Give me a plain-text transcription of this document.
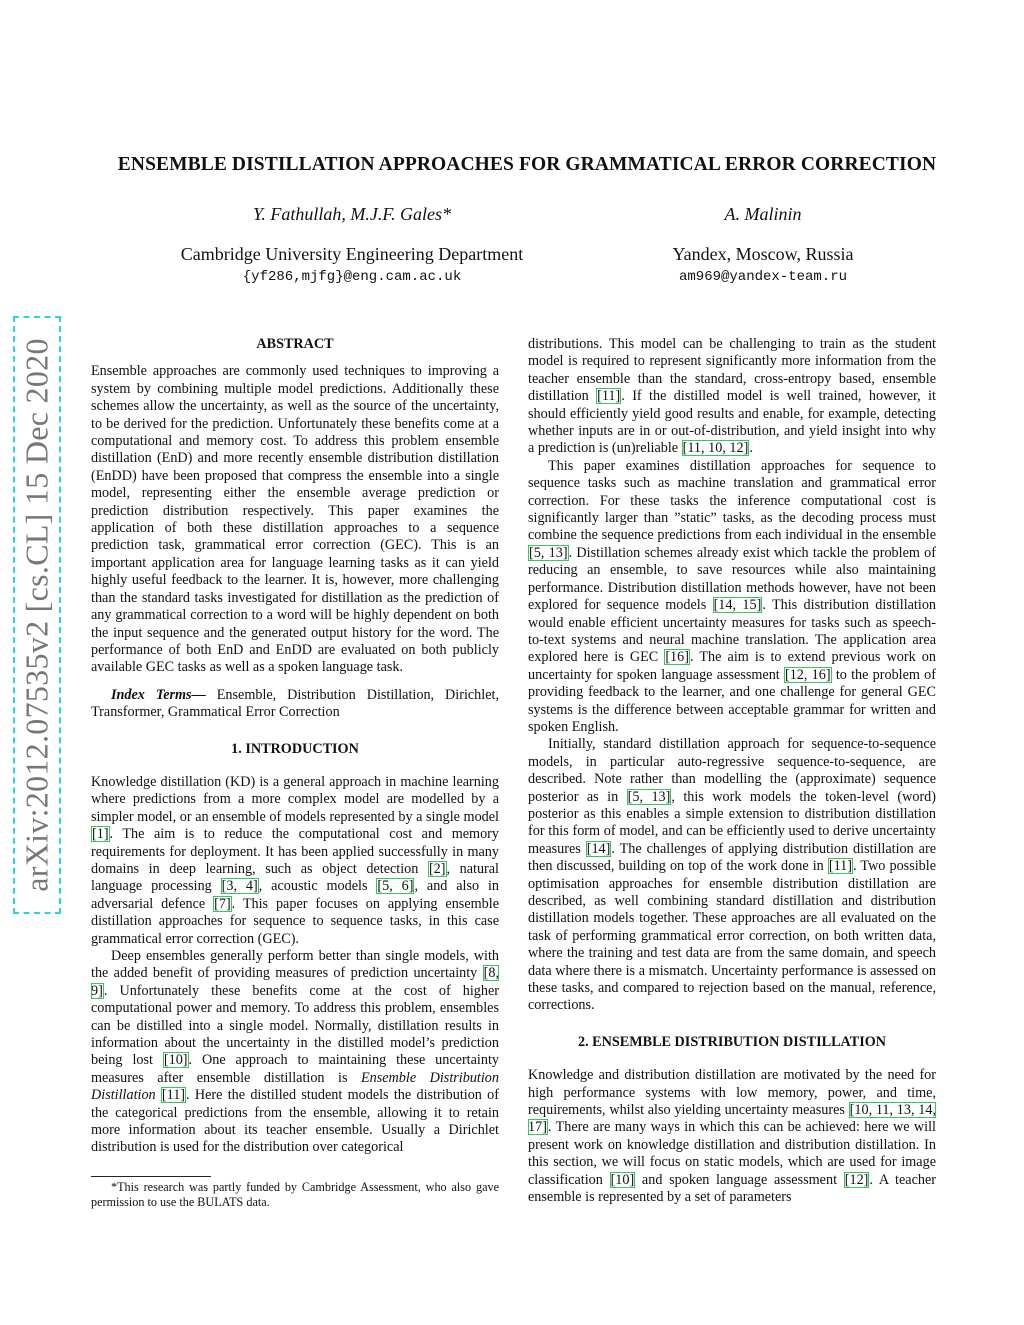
arXiv:2012.07535v2 [cs.CL] 15 Dec 2020
ENSEMBLE DISTILLATION APPROACHES FOR GRAMMATICAL ERROR CORRECTION
Y. Fathullah, M.J.F. Gales*
Cambridge University Engineering Department
{yf286,mjfg}@eng.cam.ac.uk
A. Malinin
Yandex, Moscow, Russia
am969@yandex-team.ru
ABSTRACT

Ensemble approaches are commonly used techniques to improving a system by combining multiple model predictions. Additionally these schemes allow the uncertainty, as well as the source of the uncertainty, to be derived for the prediction. Unfortunately these benefits come at a computational and memory cost. To address this problem ensemble distillation (EnD) and more recently ensemble distribution distillation (EnDD) have been proposed that compress the ensemble into a single model, representing either the ensemble average prediction or prediction distribution respectively. This paper examines the application of both these distillation approaches to a sequence prediction task, grammatical error correction (GEC). This is an important application area for language learning tasks as it can yield highly useful feedback to the learner. It is, however, more challenging than the standard tasks investigated for distillation as the prediction of any grammatical correction to a word will be highly dependent on both the input sequence and the generated output history for the word. The performance of both EnD and EnDD are evaluated on both publicly available GEC tasks as well as a spoken language task.

Index Terms— Ensemble, Distribution Distillation, Dirichlet, Transformer, Grammatical Error Correction

1. INTRODUCTION

Knowledge distillation (KD) is a general approach in machine learning where predictions from a more complex model are modelled by a simpler model, or an ensemble of models represented by a single model [1]. The aim is to reduce the computational cost and memory requirements for deployment. It has been applied successfully in many domains in deep learning, such as object detection [2], natural language processing [3, 4], acoustic models [5, 6], and also in adversarial defence [7]. This paper focuses on applying ensemble distillation approaches for sequence to sequence tasks, in this case grammatical error correction (GEC).

Deep ensembles generally perform better than single models, with the added benefit of providing measures of prediction uncertainty [8, 9]. Unfortunately these benefits come at the cost of higher computational power and memory. To address this problem, ensembles can be distilled into a single model. Normally, distillation results in information about the uncertainty in the distilled model’s prediction being lost [10]. One approach to maintaining these uncertainty measures after ensemble distillation is Ensemble Distribution Distillation [11]. Here the distilled student models the distribution of the categorical predictions from the ensemble, allowing it to retain more information about its teacher ensemble. Usually a Dirichlet distribution is used for the distribution over categorical

*This research was partly funded by Cambridge Assessment, who also gave permission to use the BULATS data.

distributions. This model can be challenging to train as the student model is required to represent significantly more information from the teacher ensemble than the standard, cross-entropy based, ensemble distillation [11]. If the distilled model is well trained, however, it should efficiently yield good results and enable, for example, detecting whether inputs are in or out-of-distribution, and yield insight into why a prediction is (un)reliable [11, 10, 12].

This paper examines distillation approaches for sequence to sequence tasks such as machine translation and grammatical error correction. For these tasks the inference computational cost is significantly larger than ”static” tasks, as the decoding process must combine the sequence predictions from each individual in the ensemble [5, 13]. Distillation schemes already exist which tackle the problem of reducing an ensemble, to save resources while also maintaining performance. Distribution distillation methods however, have not been explored for sequence models [14, 15]. This distribution distillation would enable efficient uncertainty measures for tasks such as speech-to-text systems and neural machine translation. The application area explored here is GEC [16]. The aim is to extend previous work on uncertainty for spoken language assessment [12, 16] to the problem of providing feedback to the learner, and one challenge for general GEC systems is the difference between acceptable grammar for written and spoken English.

Initially, standard distillation approach for sequence-to-sequence models, in particular auto-regressive sequence-to-sequence, are described. Note rather than modelling the (approximate) sequence posterior as in [5, 13], this work models the token-level (word) posterior as this enables a simple extension to distribution distillation for this form of model, and can be efficiently used to derive uncertainty measures [14]. The challenges of applying distribution distillation are then discussed, building on top of the work done in [11]. Two possible optimisation approaches for ensemble distribution distillation are described, as well combining standard distillation and distribution distillation models together. These approaches are all evaluated on the task of performing grammatical error correction, on both written data, where the training and test data are from the same domain, and speech data where there is a mismatch. Uncertainty performance is assessed on these tasks, and compared to rejection based on the manual, reference, corrections.

2. ENSEMBLE DISTRIBUTION DISTILLATION

Knowledge and distribution distillation are motivated by the need for high performance systems with low memory, power, and time, requirements, whilst also yielding uncertainty measures [10, 11, 13, 14, 17]. There are many ways in which this can be achieved: here we will present work on knowledge distillation and distribution distillation. In this section, we will focus on static models, which are used for image classification [10] and spoken language assessment [12]. A teacher ensemble is represented by a set of parameters
